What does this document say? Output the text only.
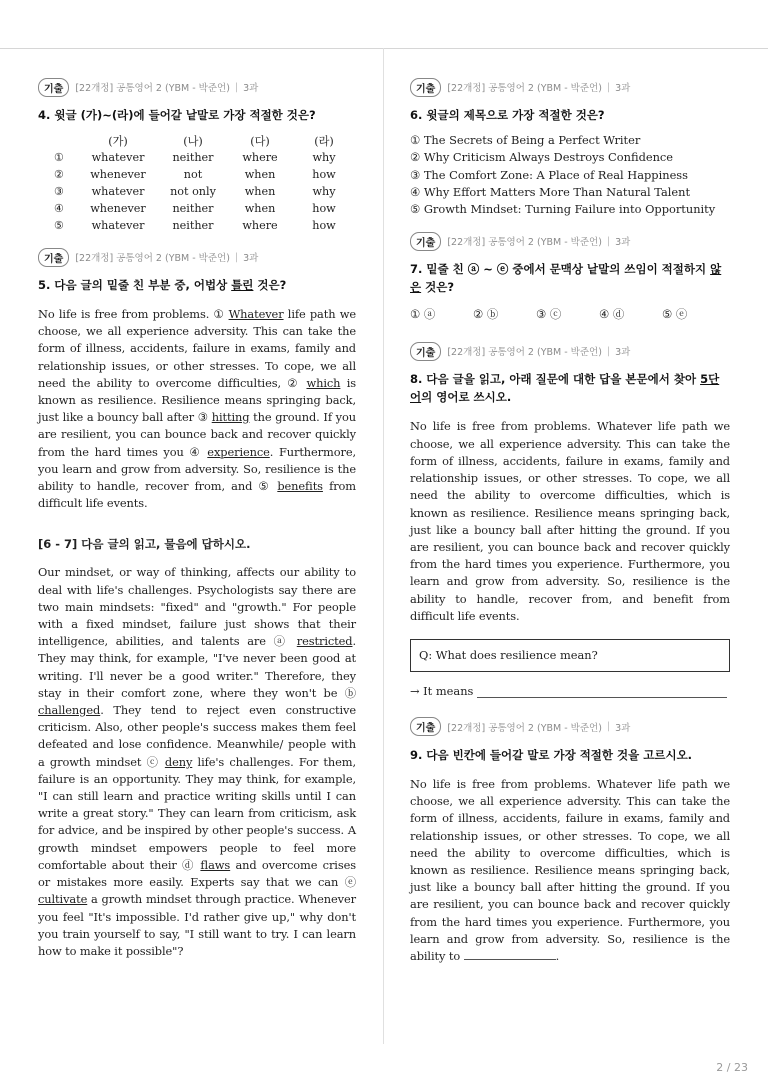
기출	[22개정] 공통영어 2 (YBM - 박준언) | 3과

4. 윗글 (가)~(라)에 들어갈 낱말로 가장 적절한 것은?

	(가)	(나)	(다)	(라)
①	whatever	neither	where	why
②	whenever	not	when	how
③	whatever	not only	when	why
④	whenever	neither	when	how
⑤	whatever	neither	where	how
기출	[22개정] 공통영어 2 (YBM - 박준언) | 3과

5. 다음 글의 밑줄 친 부분 중, 어법상 틀린 것은?

No life is free from problems. ① Whatever life path we choose, we all experience adversity. This can take the form of illness, accidents, failure in exams, family and relationship issues, or other stresses. To cope, we all need the ability to overcome difficulties, ② which is known as resilience. Resilience means springing back, just like a bouncy ball after ③ hitting the ground. If you are resilient, you can bounce back and recover quickly from the hard times you ④ experience. Furthermore, you learn and grow from adversity. So, resilience is the ability to handle, recover from, and ⑤ benefits from difficult life events.

[6 - 7] 다음 글의 읽고, 물음에 답하시오.

Our mindset, or way of thinking, affects our ability to deal with life's challenges. Psychologists say there are two main mindsets: "fixed" and "growth." For people with a fixed mindset, failure just shows that their intelligence, abilities, and talents are ⓐ restricted. They may think, for example, "I've never been good at writing. I'll never be a good writer." Therefore, they stay in their comfort zone, where they won't be ⓑ challenged. They tend to reject even constructive criticism. Also, other people's success makes them feel defeated and lose confidence. Meanwhile/ people with a growth mindset ⓒ deny life's challenges. For them, failure is an opportunity. They may think, for example, "I can still learn and practice writing skills until I can write a great story." They can learn from criticism, ask for advice, and be inspired by other people's success. A growth mindset empowers people to feel more comfortable about their ⓓ flaws and overcome crises or mistakes more easily. Experts say that we can ⓔ cultivate a growth mindset through practice. Whenever you feel "It's impossible. I'd rather give up," why don't you train yourself to say, "I still want to try. I can learn how to make it possible"?

기출	[22개정] 공통영어 2 (YBM - 박준언) | 3과

6. 윗글의 제목으로 가장 적절한 것은?

① The Secrets of Being a Perfect Writer
② Why Criticism Always Destroys Confidence
③ The Comfort Zone: A Place of Real Happiness
④ Why Effort Matters More Than Natural Talent
⑤ Growth Mindset: Turning Failure into Opportunity
기출	[22개정] 공통영어 2 (YBM - 박준언) | 3과

7. 밑줄 친 ⓐ ~ ⓔ 중에서 문맥상 낱말의 쓰임이 적절하지 않은 것은?

① ⓐ	② ⓑ	③ ⓒ	④ ⓓ	⑤ ⓔ
기출	[22개정] 공통영어 2 (YBM - 박준언) | 3과

8. 다음 글을 읽고, 아래 질문에 대한 답을 본문에서 찾아 5단어의 영어로 쓰시오.

No life is free from problems. Whatever life path we choose, we all experience adversity. This can take the form of illness, accidents, failure in exams, family and relationship issues, or other stresses. To cope, we all need the ability to overcome difficulties, which is known as resilience. Resilience means springing back, just like a bouncy ball after hitting the ground. If you are resilient, you can bounce back and recover quickly from the hard times you experience. Furthermore, you learn and grow from adversity. So, resilience is the ability to handle, recover from, and benefit from difficult life events.

Q: What does resilience mean?
→ It means
기출	[22개정] 공통영어 2 (YBM - 박준언) | 3과

9. 다음 빈칸에 들어갈 말로 가장 적절한 것을 고르시오.

No life is free from problems. Whatever life path we choose, we all experience adversity. This can take the form of illness, accidents, failure in exams, family and relationship issues, or other stresses. To cope, we all need the ability to overcome difficulties, which is known as resilience. Resilience means springing back, just like a bouncy ball after hitting the ground. If you are resilient, you can bounce back and recover quickly from the hard times you experience. Furthermore, you learn and grow from adversity. So, resilience is the ability to	.

2 / 23
